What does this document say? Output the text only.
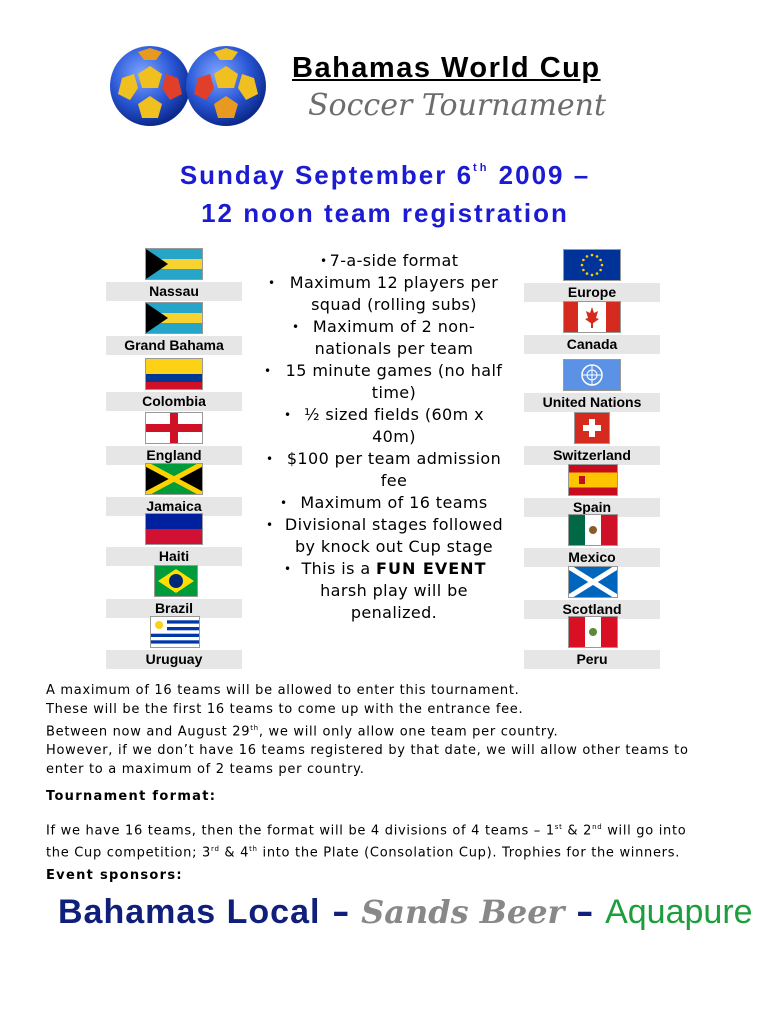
Bahamas World Cup
Soccer Tournament
Sunday September 6th 2009 –
12 noon team registration
Nassau
Grand Bahama
Colombia
England
Jamaica
Haiti
Brazil
Uruguay
Europe
Canada
United Nations
Switzerland
Spain
Mexico
Scotland
Peru
• 7-a-side format
• Maximum 12 players per
squad (rolling subs)
• Maximum of 2 non-
nationals per team
• 15 minute games (no half
time)
• ½ sized fields (60m x
40m)
• $100 per team admission
fee
• Maximum of 16 teams
• Divisional stages followed
by knock out Cup stage
• This is a FUN EVENT
harsh play will be
penalized.

A maximum of 16 teams will be allowed to enter this tournament.

These will be the first 16 teams to come up with the entrance fee.

Between now and August 29th, we will only allow one team per country.

However, if we don’t have 16 teams registered by that date, we will allow other teams to

enter to a maximum of 2 teams per country.

Tournament format:
If we have 16 teams, then the format will be 4 divisions of 4 teams – 1st & 2nd will go into
the Cup competition; 3rd & 4th into the Plate (Consolation Cup). Trophies for the winners.
Event sponsors:
Bahamas Local – Sands Beer – Aquapure
